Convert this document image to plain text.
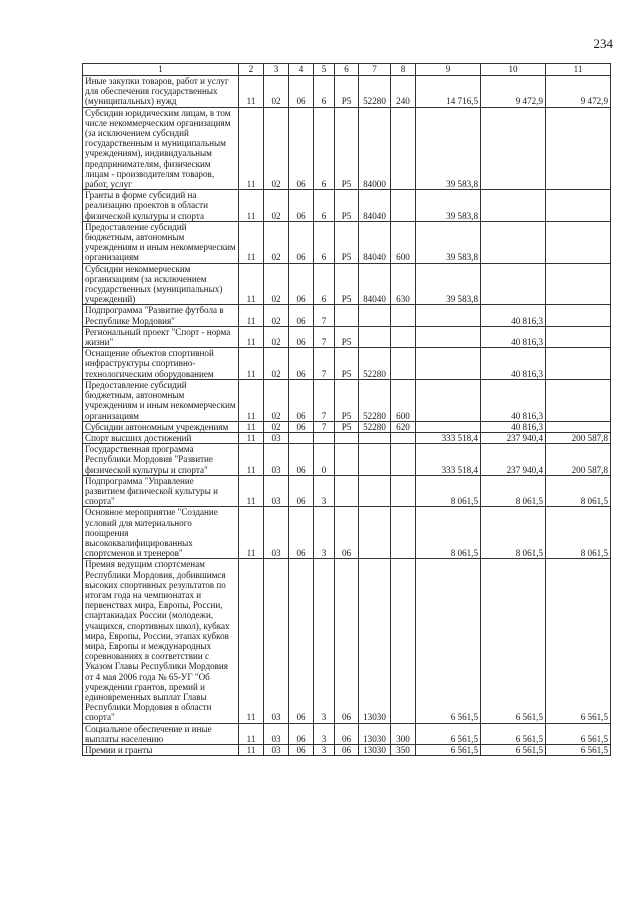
234
1	2	3	4	5	6	7	8	9	10	11
Иные закупки товаров, работ и услуг для обеспечения государственных (муниципальных) нужд	11	02	06	6	P5	52280	240	14 716,5	9 472,9	9 472,9
Субсидии юридическим лицам, в том числе некоммерческим организациям (за исключением субсидий государственным и муниципальным учреждениям), индивидуальным предпринимателям, физическим лицам - производителям товаров, работ, услуг	11	02	06	6	P5	84000		39 583,8		
Гранты в форме субсидий на реализацию проектов в области физической культуры и спорта	11	02	06	6	P5	84040		39 583,8		
Предоставление субсидий бюджетным, автономным учреждениям и иным некоммерческим организациям	11	02	06	6	P5	84040	600	39 583,8		
Субсидии некоммерческим организациям (за исключением государственных (муниципальных) учреждений)	11	02	06	6	P5	84040	630	39 583,8		
Подпрограмма "Развитие футбола в Республике Мордовия"	11	02	06	7					40 816,3	
Региональный проект "Спорт - норма жизни"	11	02	06	7	P5				40 816,3	
Оснащение объектов спортивной инфраструктуры спортивно-технологическим оборудованием	11	02	06	7	P5	52280			40 816,3	
Предоставление субсидий бюджетным, автономным учреждениям и иным некоммерческим организациям	11	02	06	7	P5	52280	600		40 816,3	
Субсидии автономным учреждениям	11	02	06	7	P5	52280	620		40 816,3	
Спорт высших достижений	11	03						333 518,4	237 940,4	200 587,8
Государственная программа Республики Мордовия "Развитие физической культуры и спорта"	11	03	06	0				333 518,4	237 940,4	200 587,8
Подпрограмма "Управление развитием физической культуры и спорта"	11	03	06	3				8 061,5	8 061,5	8 061,5
Основное мероприятие "Создание условий для материального поощрения высококвалифицированных спортсменов и тренеров"	11	03	06	3	06			8 061,5	8 061,5	8 061,5
Премия ведущим спортсменам Республики Мордовия, добившимся высоких спортивных результатов по итогам года на чемпионатах и первенствах мира, Европы, России, спартакиадах России (молодежи, учащихся, спортивных школ), кубках мира, Европы, России, этапах кубков мира, Европы и международных соревнованиях в соответствии с Указом Главы Республики Мордовия от 4 мая 2006 года № 65-УГ "Об учреждении грантов, премий и единовременных выплат Главы Республики Мордовия в области спорта"	11	03	06	3	06	13030		6 561,5	6 561,5	6 561,5
Социальное обеспечение и иные выплаты населению	11	03	06	3	06	13030	300	6 561,5	6 561,5	6 561,5
Премии и гранты	11	03	06	3	06	13030	350	6 561,5	6 561,5	6 561,5
